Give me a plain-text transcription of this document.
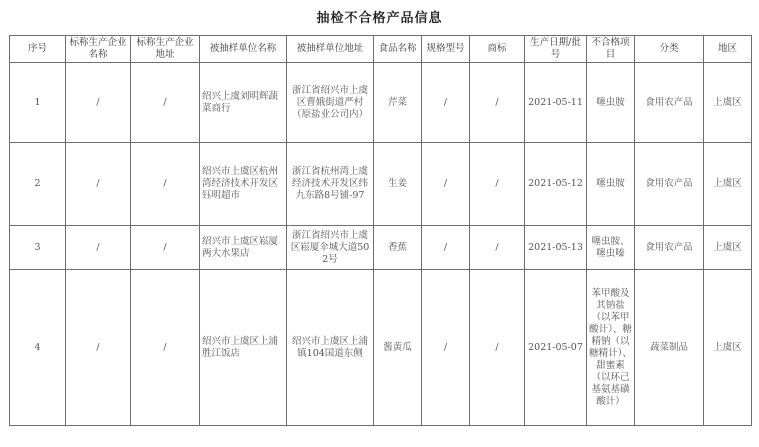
抽检不合格产品信息
序号	标称生产企业名称	标称生产企业地址	被抽样单位名称	被抽样单位地址	食品名称	规格型号	商标	生产日期/批号	不合格项目	分类	地区
1	/	/	绍兴上虞刘明辉蔬菜商行	浙江省绍兴市上虞区曹娥街道严村（原盐业公司内）	芹菜	/	/	2021-05-11	噻虫胺	食用农产品	上虞区
2	/	/	绍兴市上虞区杭州湾经济技术开发区钰明超市	浙江省杭州湾上虞经济技术开发区纬九东路8号铺-97	生姜	/	/	2021-05-12	噻虫胺	食用农产品	上虞区
3	/	/	绍兴市上虞区崧厦两大水果店	浙江省绍兴市上虞区崧厦伞城大道502号	香蕉	/	/	2021-05-13	噻虫胺、噻虫嗪	食用农产品	上虞区
4	/	/	绍兴市上虞区上浦胜江饭店	绍兴市上虞区上浦镇104国道东侧	酱黄瓜	/	/	2021-05-07	苯甲酸及其钠盐（以苯甲酸计）、糖精钠（以糖精计）、甜蜜素（以环己基氨基磺酸计）	蔬菜制品	上虞区
